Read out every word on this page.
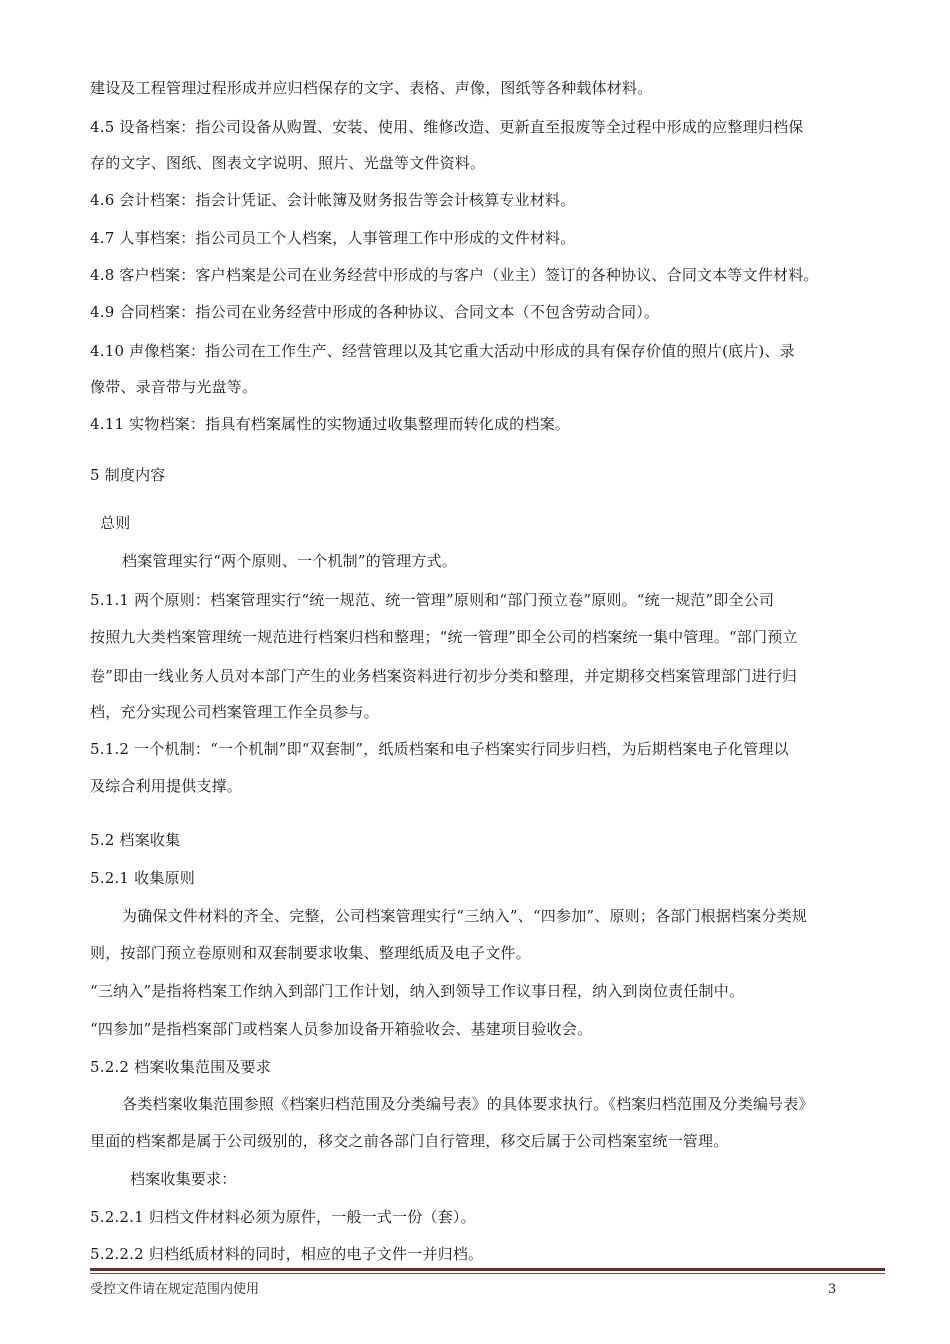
建设及工程管理过程形成并应归档保存的文字、表格、声像，图纸等各种载体材料。
4.5 设备档案：指公司设备从购置、安装、使用、维修改造、更新直至报废等全过程中形成的应整理归档保
存的文字、图纸、图表文字说明、照片、光盘等文件资料。
4.6 会计档案：指会计凭证、会计帐簿及财务报告等会计核算专业材料。
4.7 人事档案：指公司员工个人档案，人事管理工作中形成的文件材料。
4.8 客户档案：客户档案是公司在业务经营中形成的与客户（业主）签订的各种协议、合同文本等文件材料。
4.9 合同档案：指公司在业务经营中形成的各种协议、合同文本（不包含劳动合同）。
4.10 声像档案：指公司在工作生产、经营管理以及其它重大活动中形成的具有保存价值的照片(底片)、录
像带、录音带与光盘等。
4.11 实物档案：指具有档案属性的实物通过收集整理而转化成的档案。
5 制度内容
总则
档案管理实行“两个原则、一个机制”的管理方式。
5.1.1 两个原则：档案管理实行“统一规范、统一管理”原则和“部门预立卷”原则。“统一规范”即全公司
按照九大类档案管理统一规范进行档案归档和整理；“统一管理”即全公司的档案统一集中管理。“部门预立
卷”即由一线业务人员对本部门产生的业务档案资料进行初步分类和整理，并定期移交档案管理部门进行归
档，充分实现公司档案管理工作全员参与。
5.1.2 一个机制：“一个机制”即“双套制”，纸质档案和电子档案实行同步归档，为后期档案电子化管理以
及综合利用提供支撑。
5.2 档案收集
5.2.1 收集原则
为确保文件材料的齐全、完整，公司档案管理实行“三纳入”、“四参加”、原则；各部门根据档案分类规
则，按部门预立卷原则和双套制要求收集、整理纸质及电子文件。
“三纳入”是指将档案工作纳入到部门工作计划，纳入到领导工作议事日程，纳入到岗位责任制中。
“四参加”是指档案部门或档案人员参加设备开箱验收会、基建项目验收会。
5.2.2 档案收集范围及要求
各类档案收集范围参照《档案归档范围及分类编号表》的具体要求执行。《档案归档范围及分类编号表》
里面的档案都是属于公司级别的，移交之前各部门自行管理，移交后属于公司档案室统一管理。
档案收集要求：
5.2.2.1 归档文件材料必须为原件，一般一式一份（套）。
5.2.2.2 归档纸质材料的同时，相应的电子文件一并归档。
受控文件请在规定范围内使用	3
